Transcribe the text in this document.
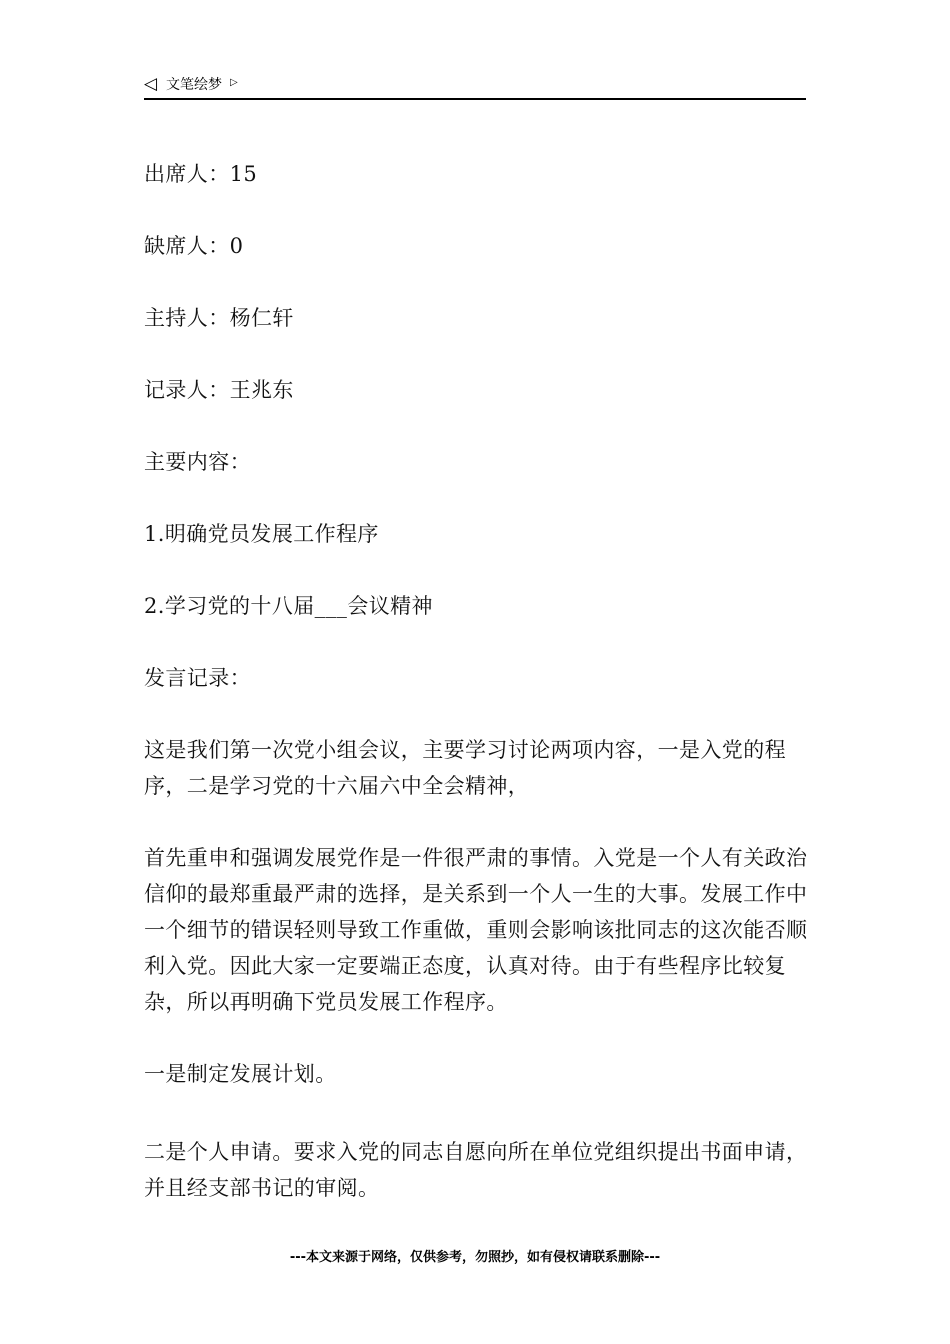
◁ 文笔绘梦 ▷

出席人：15

缺席人：0

主持人：杨仁轩

记录人：王兆东

主要内容：

1.明确党员发展工作程序

2.学习党的十八届___会议精神

发言记录：

这是我们第一次党小组会议，主要学习讨论两项内容，一是入党的程序，二是学习党的十六届六中全会精神，

首先重申和强调发展党作是一件很严肃的事情。入党是一个人有关政治信仰的最郑重最严肃的选择，是关系到一个人一生的大事。发展工作中一个细节的错误轻则导致工作重做，重则会影响该批同志的这次能否顺利入党。因此大家一定要端正态度，认真对待。由于有些程序比较复杂，所以再明确下党员发展工作程序。

一是制定发展计划。

二是个人申请。要求入党的同志自愿向所在单位党组织提出书面申请，并且经支部书记的审阅。

---本文来源于网络，仅供参考，勿照抄，如有侵权请联系删除---
